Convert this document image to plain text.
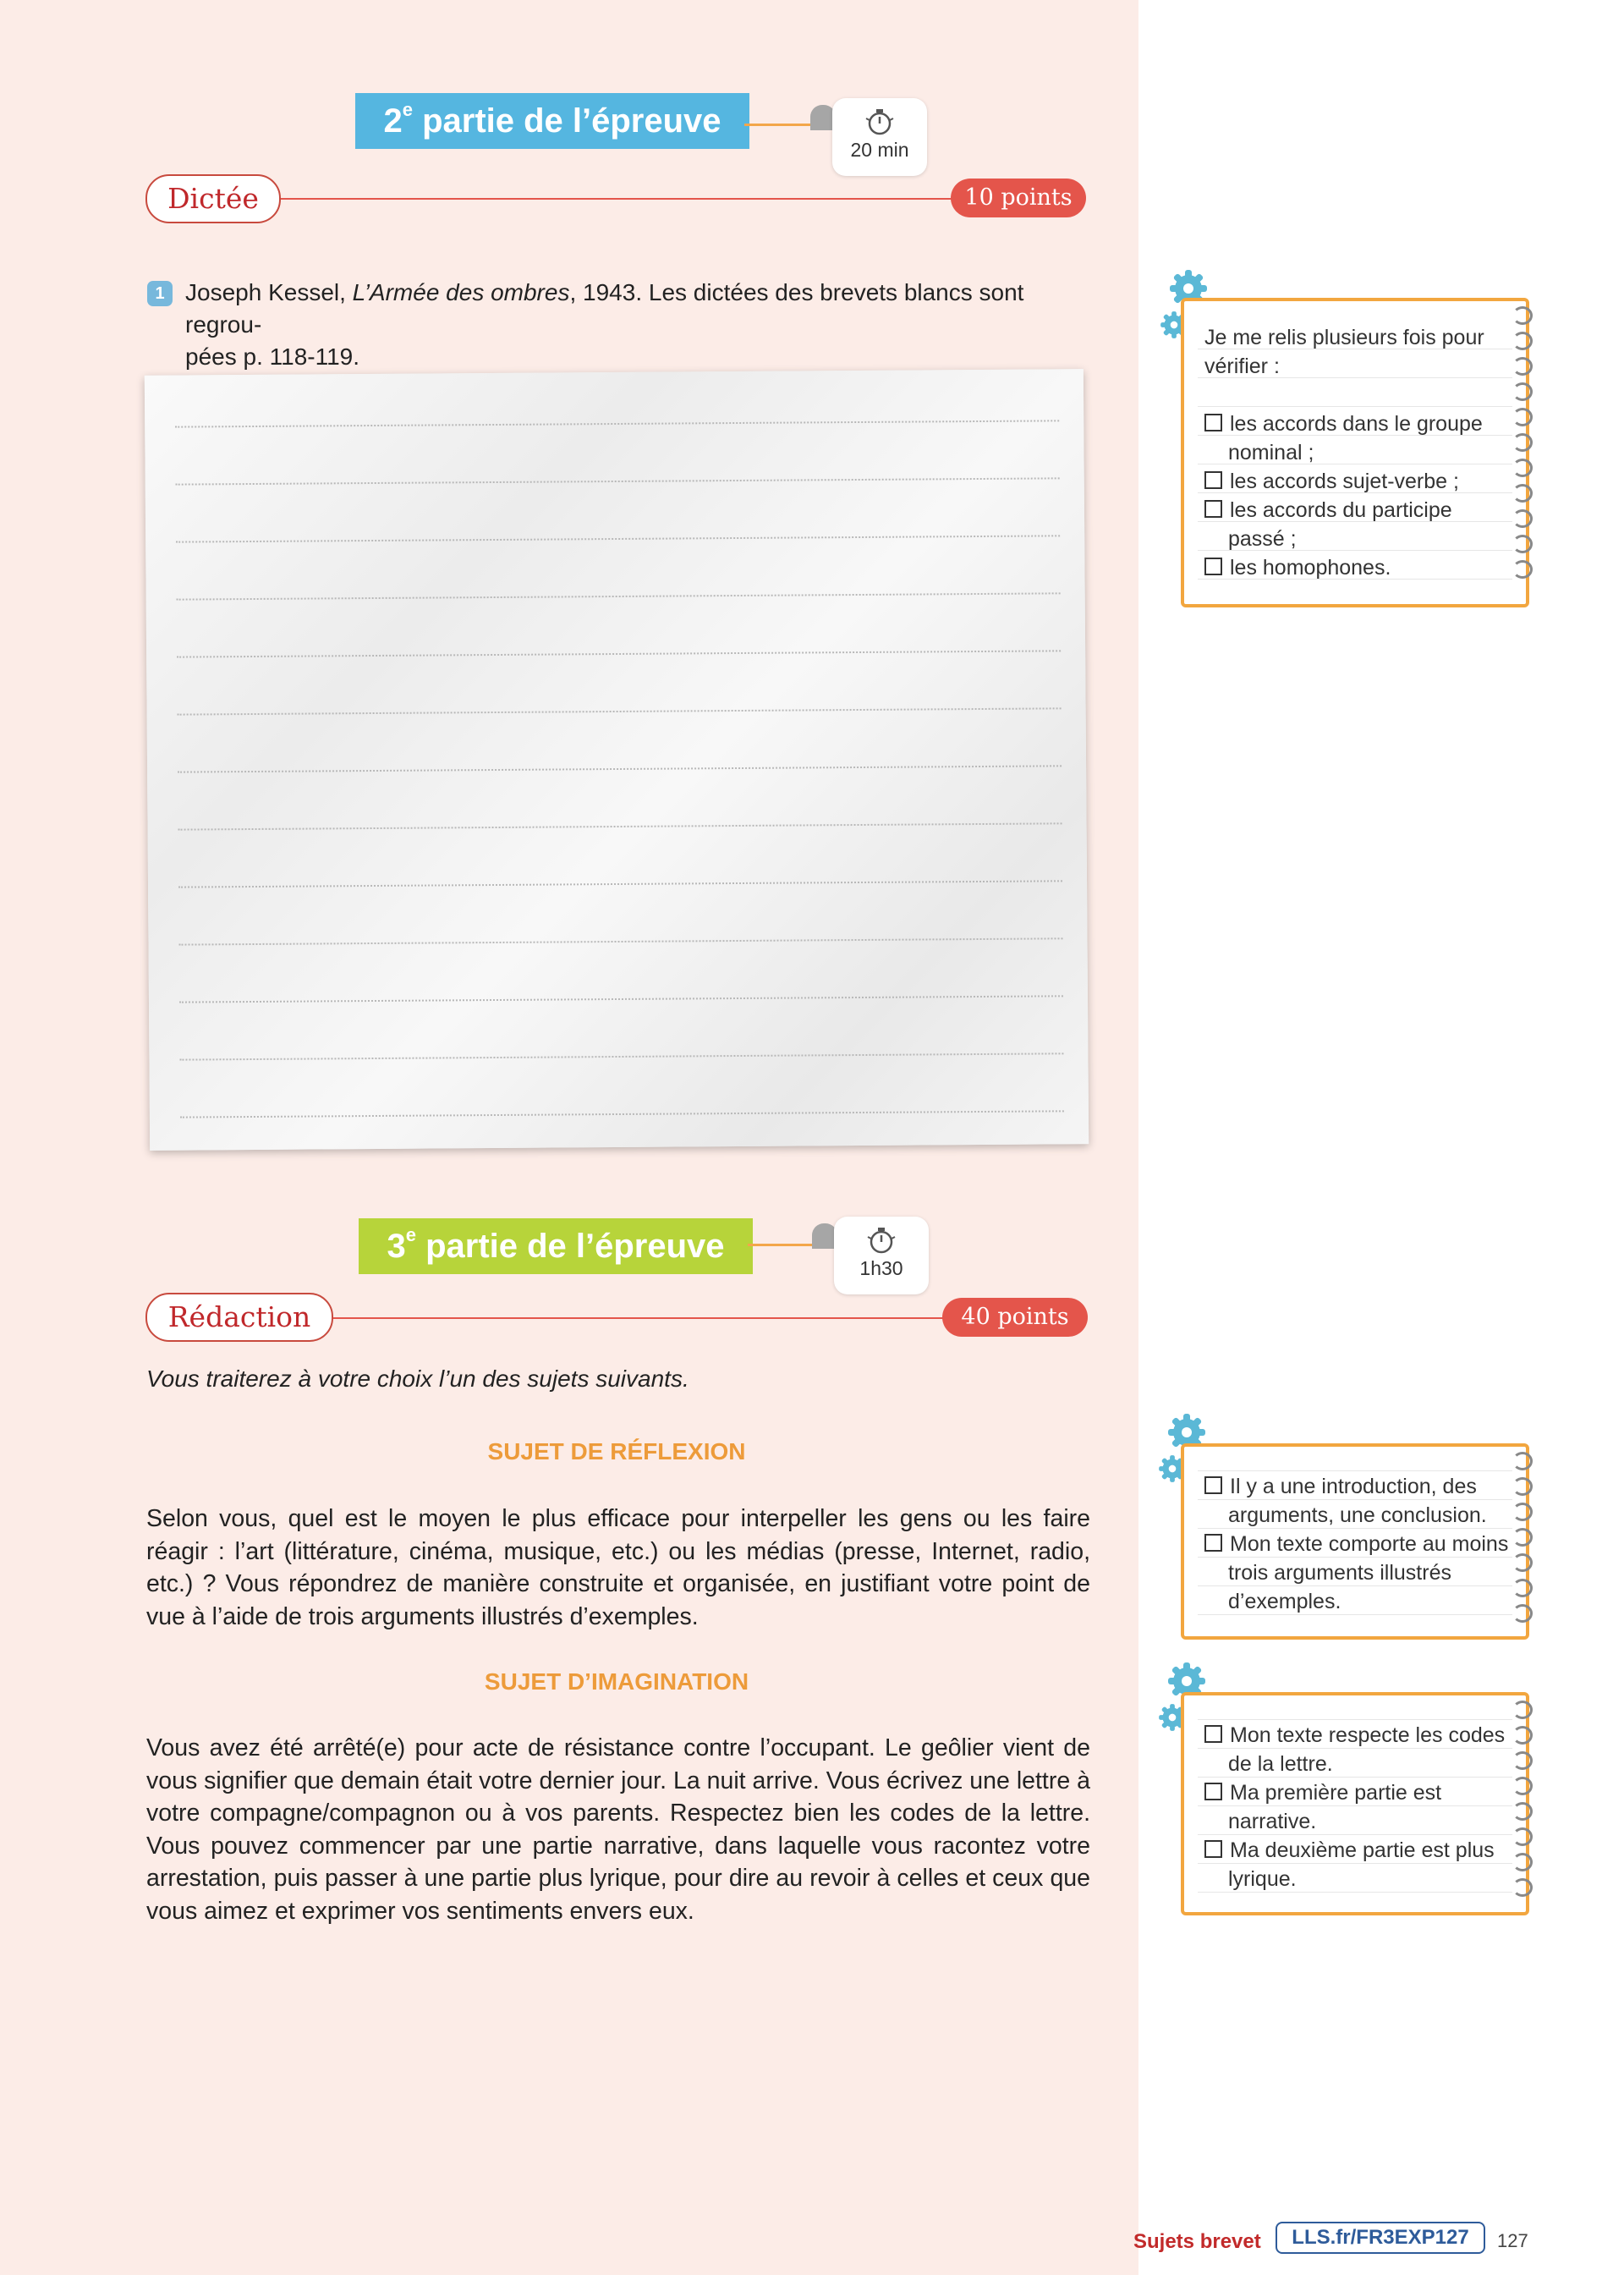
2e partie de l’épreuve
20 min
Dictée	10 points
1 Joseph Kessel, L’Armée des ombres, 1943. Les dictées des brevets blancs sont regrou-
pées p. 118-119.
Je me relis plusieurs fois pour vérifier :
les accords dans le groupe nominal ;
les accords sujet-verbe ;
les accords du participe passé ;
les homophones.
3e partie de l’épreuve
1h30
Rédaction	40 points
Vous traiterez à votre choix l’un des sujets suivants.
SUJET DE RÉFLEXION
Selon vous, quel est le moyen le plus efficace pour interpeller les gens ou les faire réagir : l’art (littérature, cinéma, musique, etc.) ou les médias (presse, Internet, radio, etc.) ? Vous répondrez de manière construite et organisée, en justifiant votre point de vue à l’aide de trois arguments illustrés d’exemples.
SUJET D’IMAGINATION
Vous avez été arrêté(e) pour acte de résistance contre l’occupant. Le geôlier vient de vous signifier que demain était votre dernier jour. La nuit arrive. Vous écrivez une lettre à votre compagne/compagnon ou à vos parents. Respectez bien les codes de la lettre. Vous pouvez commencer par une partie narrative, dans laquelle vous racontez votre arrestation, puis passer à une partie plus lyrique, pour dire au revoir à celles et ceux que vous aimez et exprimer vos sentiments envers eux.
Il y a une introduction, des arguments, une conclusion.
Mon texte comporte au moins trois arguments illustrés d’exemples.
Mon texte respecte les codes de la lettre.
Ma première partie est narrative.
Ma deuxième partie est plus lyrique.
Sujets brevet	LLS.fr/FR3EXP127	127
